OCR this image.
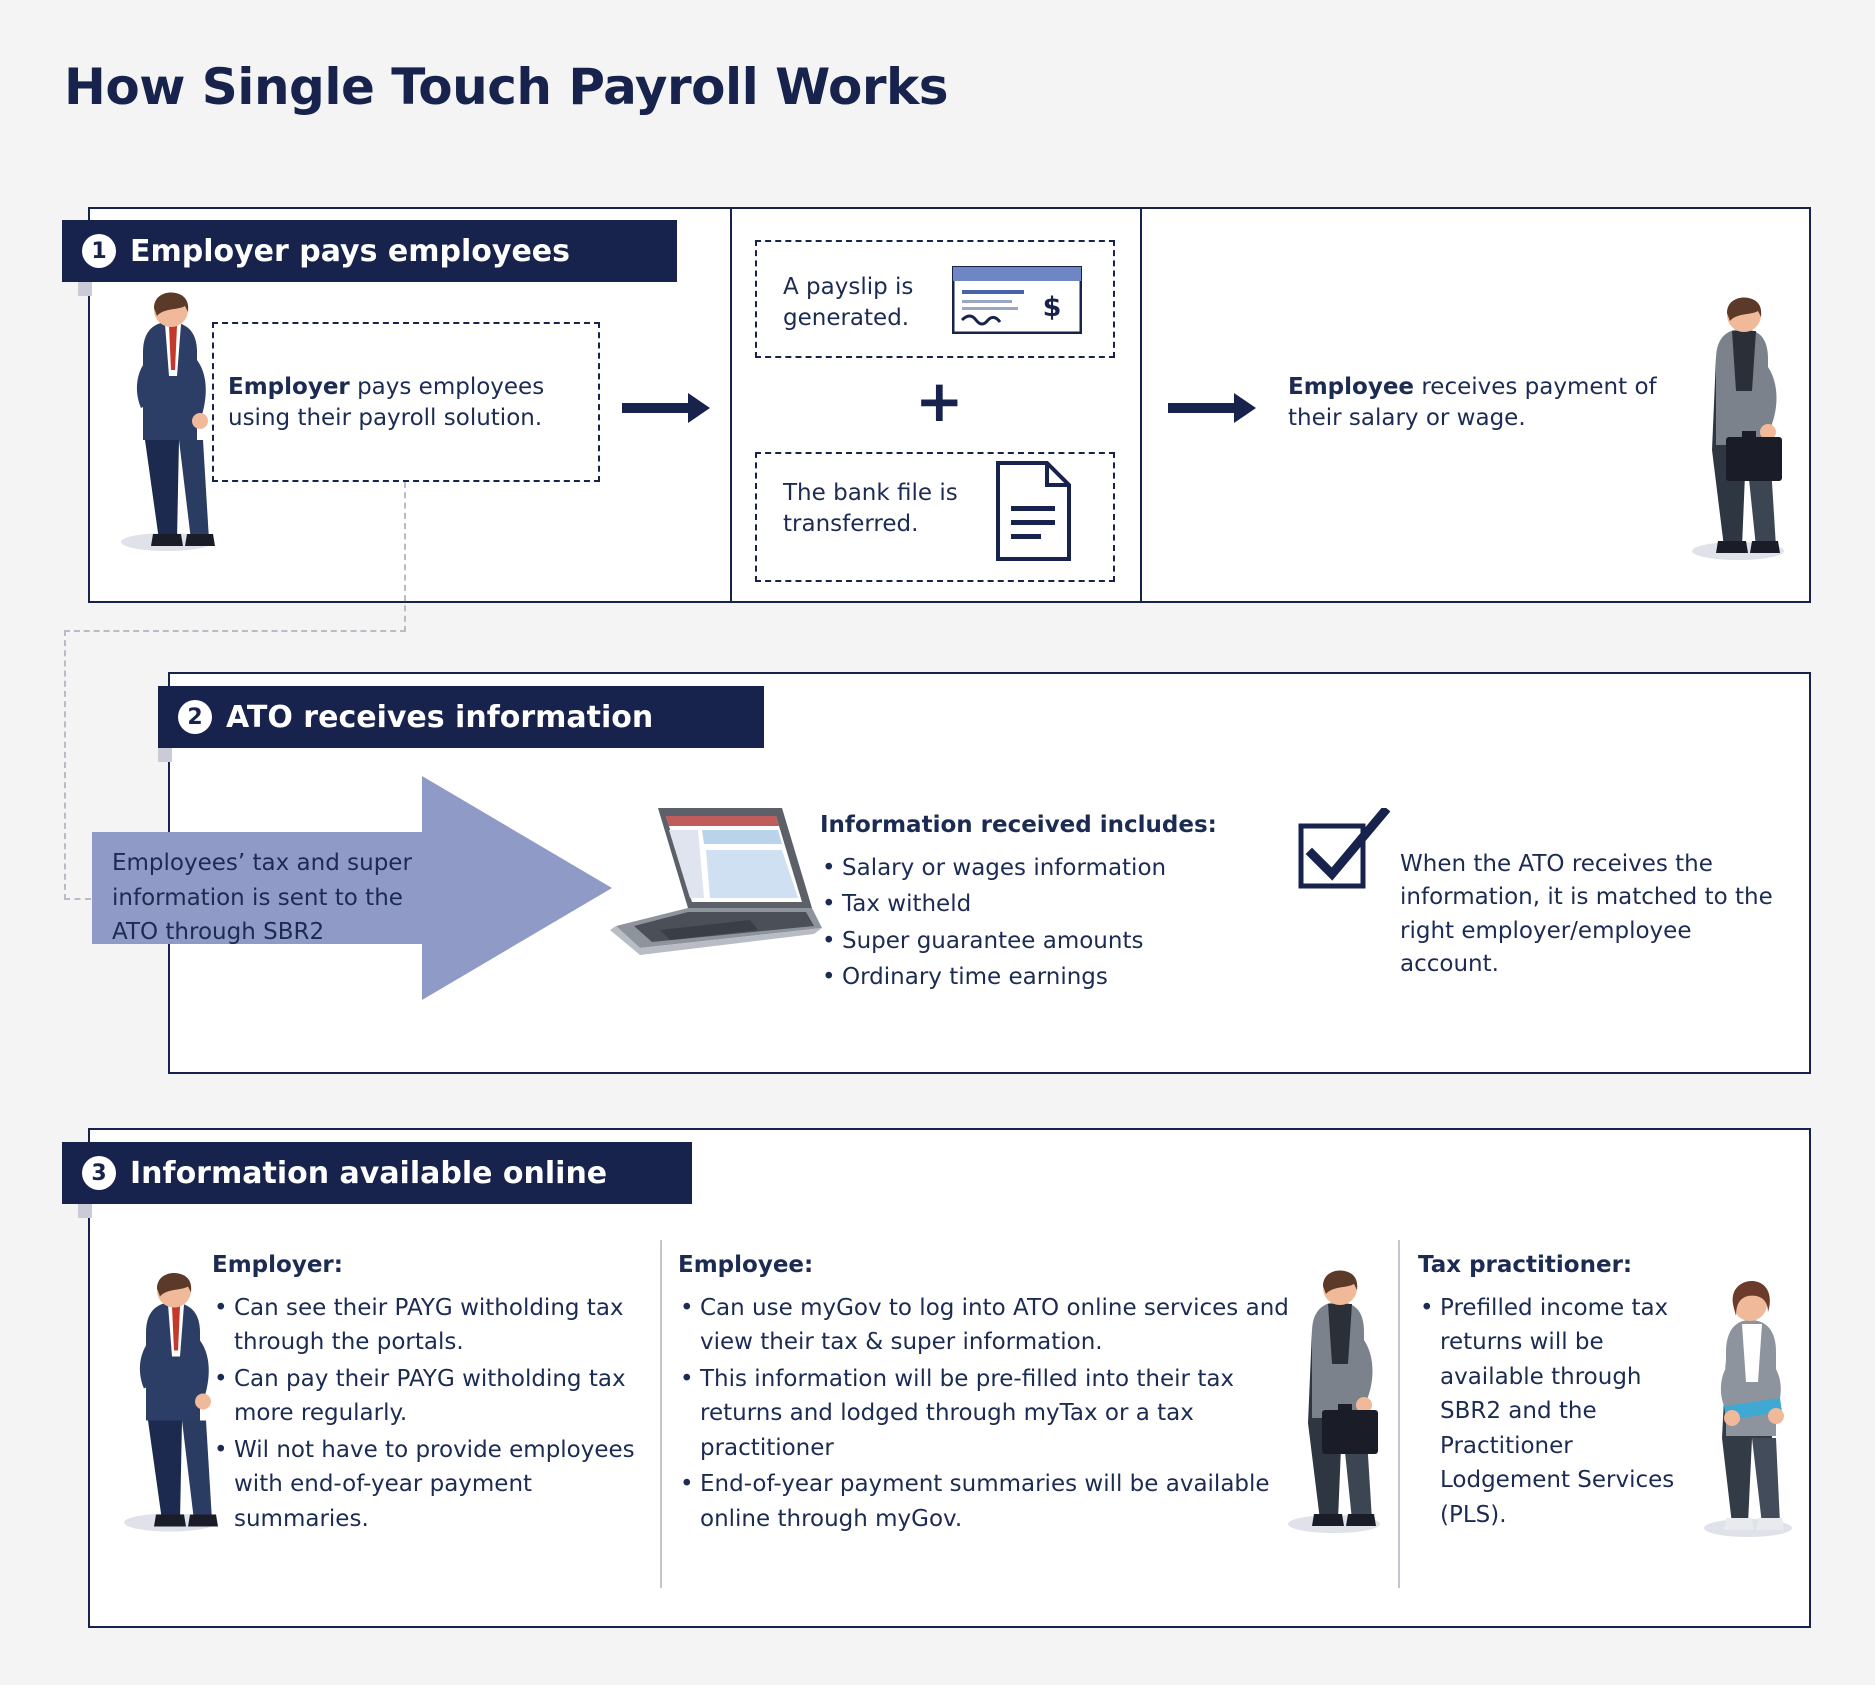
How Single Touch Payroll Works
1 Employer pays employees
Employer pays employees using their payroll solution.
A payslip is generated.	$
+
The bank file is transferred.
Employee receives payment of their salary or wage.
2 ATO receives information
Employees’ tax and super information is sent to the ATO through SBR2
Information received includes:
• Salary or wages information
• Tax witheld
• Super guarantee amounts
• Ordinary time earnings
When the ATO receives the information, it is matched to the right employer/employee account.
3 Information available online
Employer:
• Can see their PAYG witholding tax through the portals.
• Can pay their PAYG witholding tax more regularly.
• Wil not have to provide employees with end-of-year payment summaries.
Employee:
• Can use myGov to log into ATO online services and view their tax & super information.
• This information will be pre-filled into their tax returns and lodged through myTax or a tax practitioner
• End-of-year payment summaries will be available online through myGov.
Tax practitioner:
• Prefilled income tax returns will be available through SBR2 and the Practitioner Lodgement Services (PLS).
